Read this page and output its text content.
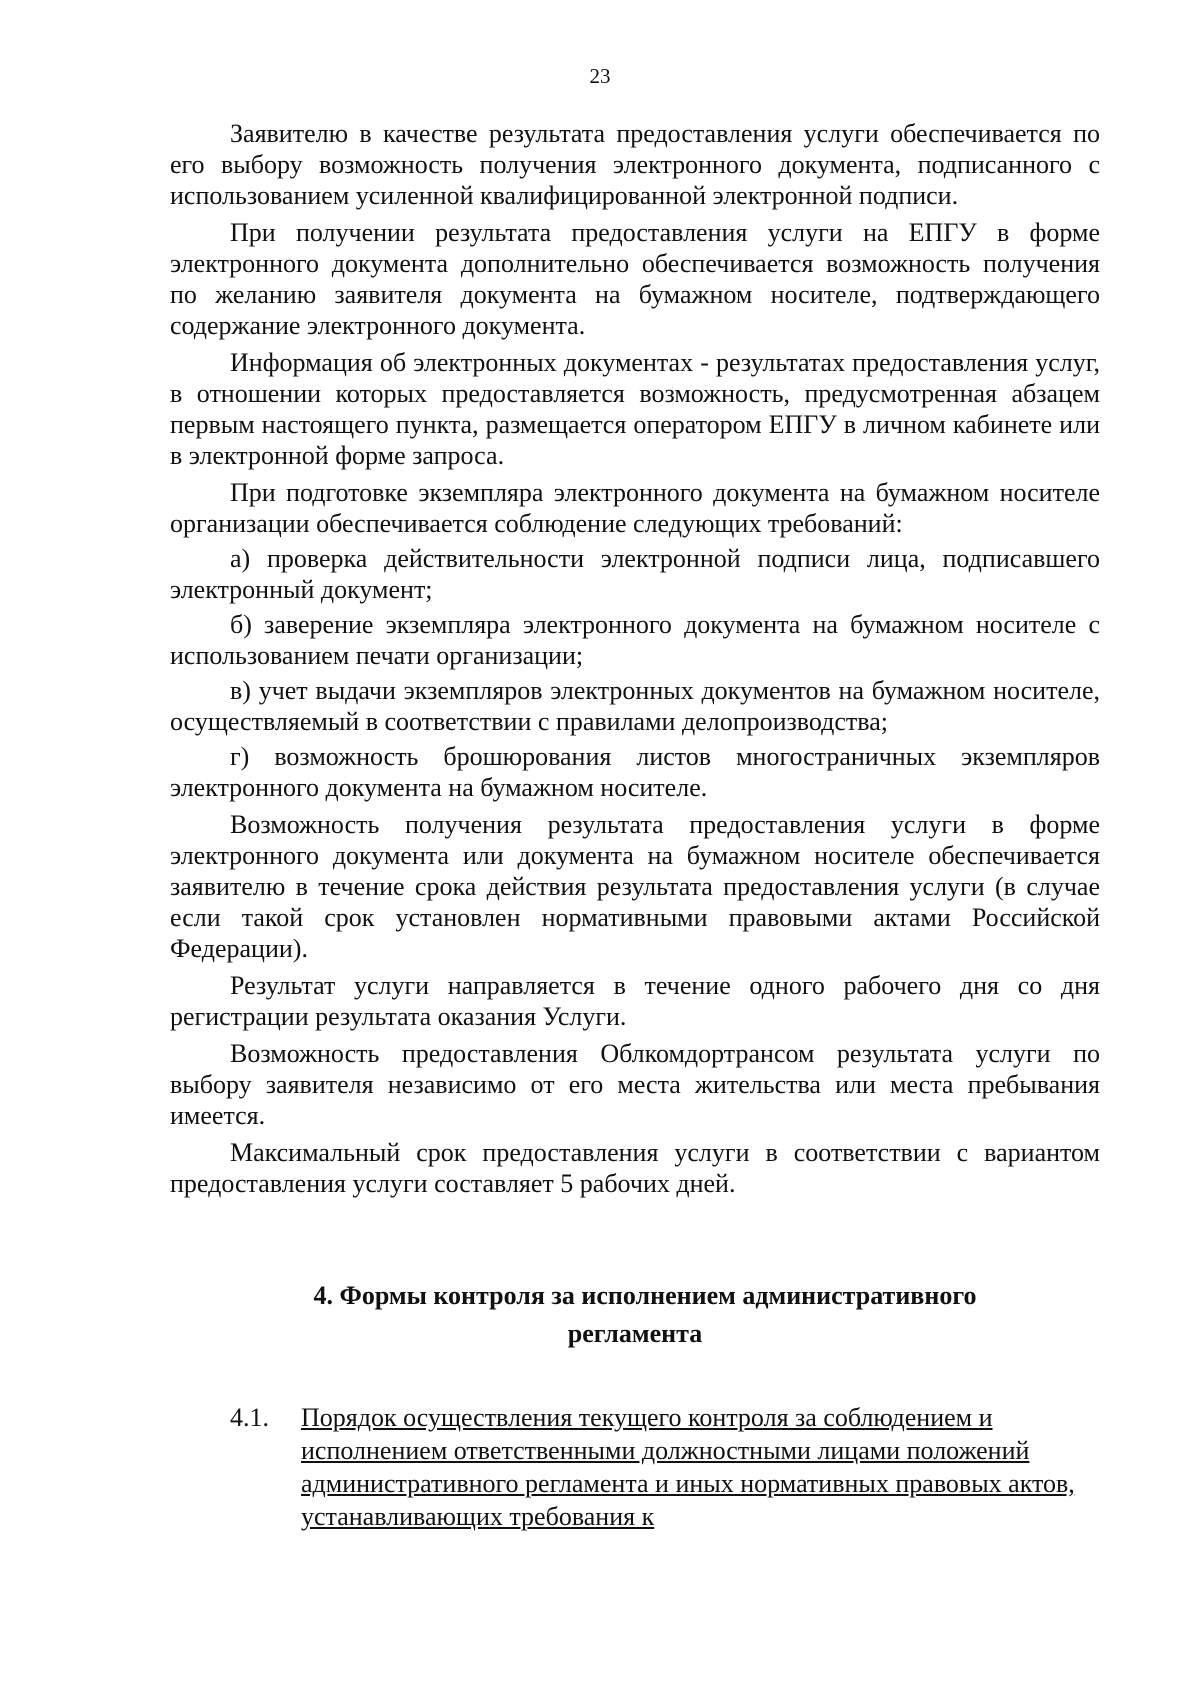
23

Заявителю в качестве результата предоставления услуги обеспечивается по его выбору возможность получения электронного документа, подписанного с использованием усиленной квалифицированной электронной подписи.

При получении результата предоставления услуги на ЕПГУ в форме электронного документа дополнительно обеспечивается возможность получения по желанию заявителя документа на бумажном носителе, подтверждающего содержание электронного документа.

Информация об электронных документах - результатах предоставления услуг, в отношении которых предоставляется возможность, предусмотренная абзацем первым настоящего пункта, размещается оператором ЕПГУ в личном кабинете или в электронной форме запроса.

При подготовке экземпляра электронного документа на бумажном носителе организации обеспечивается соблюдение следующих требований:

а) проверка действительности электронной подписи лица, подписавшего электронный документ;

б) заверение экземпляра электронного документа на бумажном носителе с использованием печати организации;

в) учет выдачи экземпляров электронных документов на бумажном носителе, осуществляемый в соответствии с правилами делопроизводства;

г) возможность брошюрования листов многостраничных экземпляров электронного документа на бумажном носителе.

Возможность получения результата предоставления услуги в форме электронного документа или документа на бумажном носителе обеспечивается заявителю в течение срока действия результата предоставления услуги (в случае если такой срок установлен нормативными правовыми актами Российской Федерации).

Результат услуги направляется в течение одного рабочего дня со дня регистрации результата оказания Услуги.

Возможность предоставления Облкомдортрансом результата услуги по выбору заявителя независимо от его места жительства или места пребывания имеется.

Максимальный срок предоставления услуги в соответствии с вариантом предоставления услуги составляет 5 рабочих дней.

4. Формы контроля за исполнением административного
регламента
4.1.	Порядок осуществления текущего контроля за соблюдением и исполнением ответственными должностными лицами положений административного регламента и иных нормативных правовых актов, устанавливающих требования к
